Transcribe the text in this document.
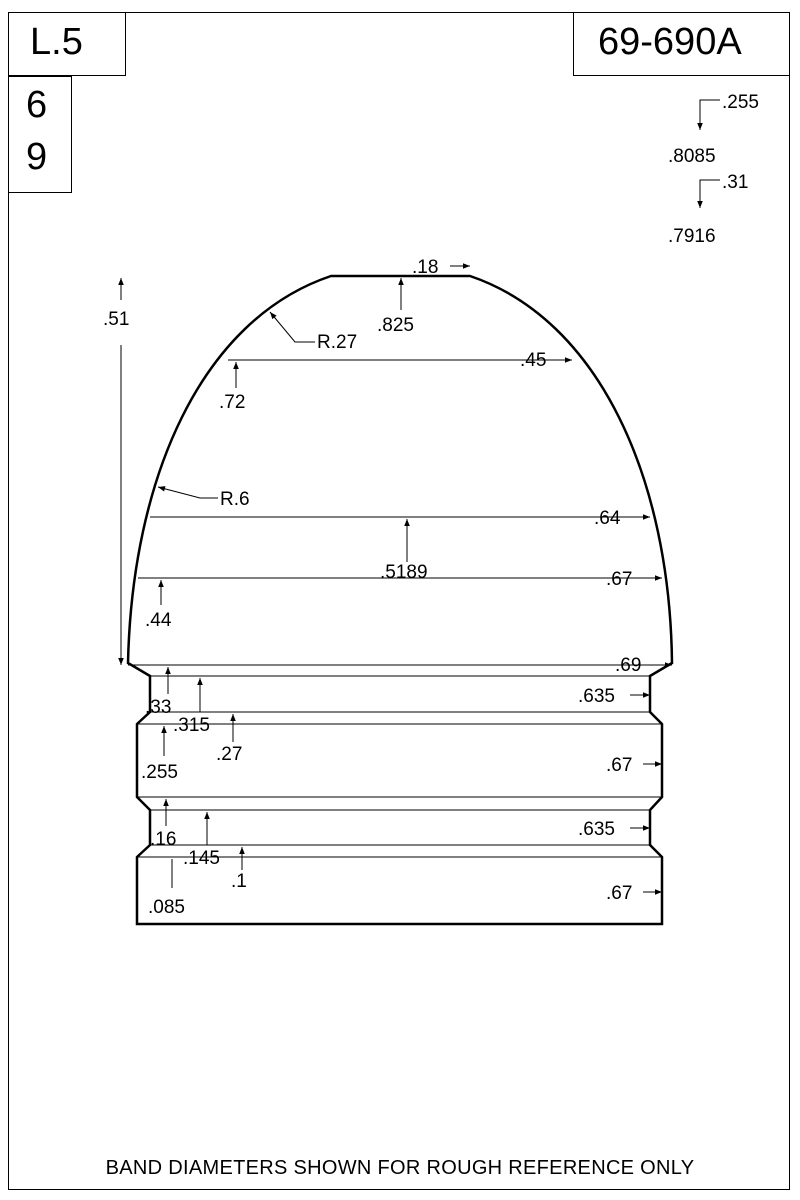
L.5	69-690A
6
9
.255
.8085
.31
.7916
.18
.825
R.27
.45
.72
.51
R.6
.64
.5189	.67
.44
.69
.635
.33
.315
.27
.255	.67
.635
.16
.145
.1
.085
.67
BAND DIAMETERS SHOWN FOR ROUGH REFERENCE ONLY
